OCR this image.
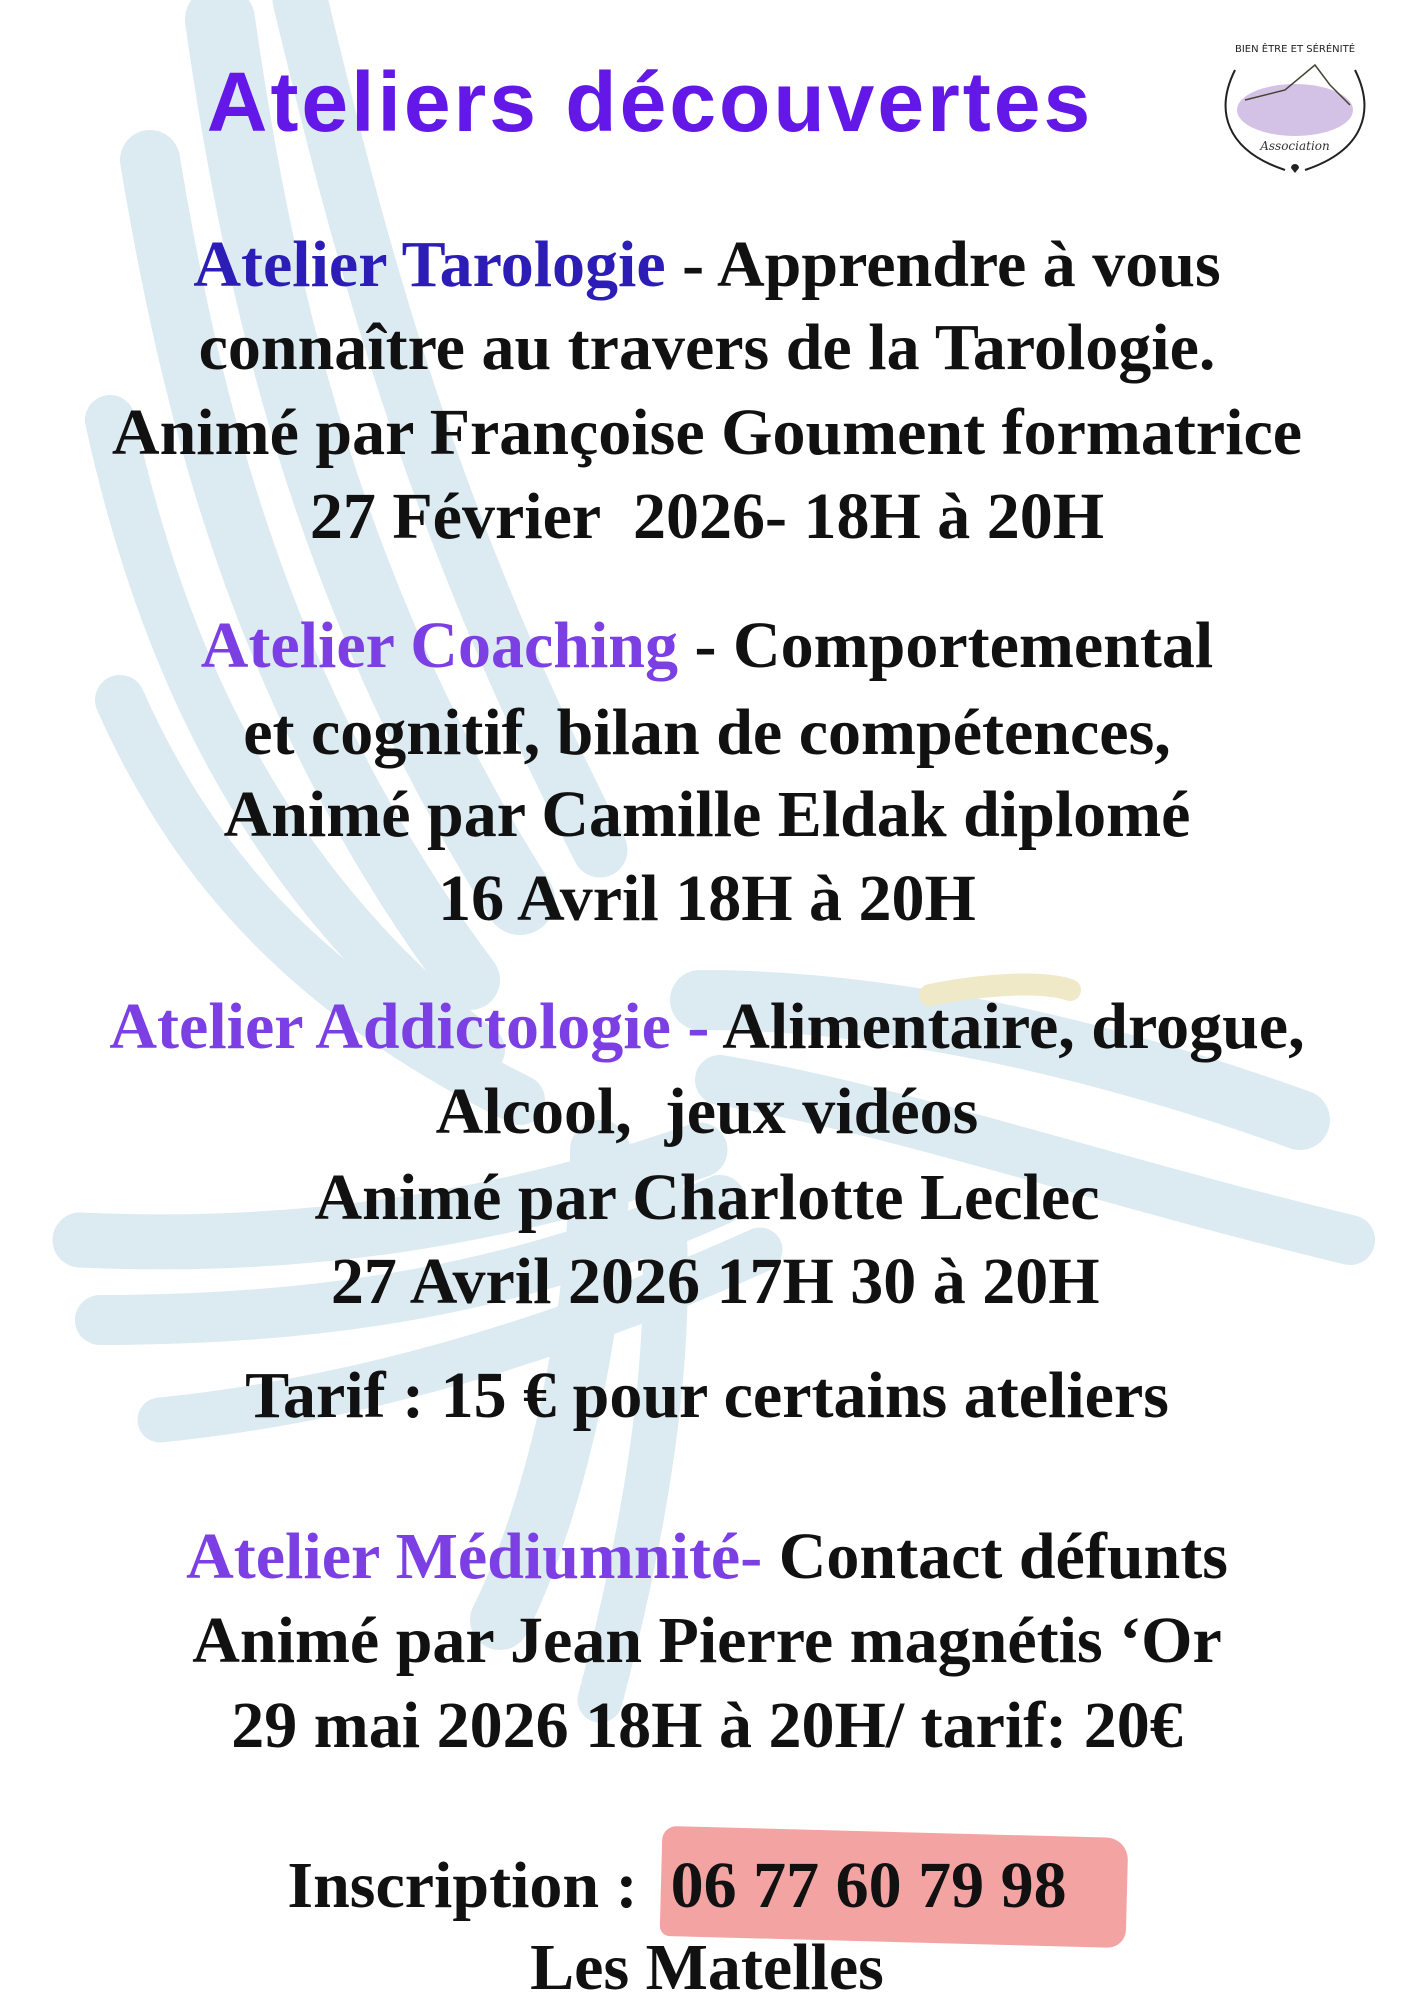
Ateliers découvertes
BIEN ÊTRE ET SÉRÉNITÉ
Association
Atelier Tarologie - Apprendre à vous
connaître au travers de la Tarologie.
Animé par Françoise Goument formatrice
27 Février  2026- 18H à 20H
Atelier Coaching - Comportemental
et cognitif, bilan de compétences,
Animé par Camille Eldak diplomé
16 Avril 18H à 20H
Atelier Addictologie - Alimentaire, drogue,
Alcool,  jeux vidéos
Animé par Charlotte Leclec
27 Avril 2026 17H 30 à 20H
Tarif : 15 € pour certains ateliers
Atelier Médiumnité- Contact défunts
Animé par Jean Pierre magnétis ‘Or
29 mai 2026 18H à 20H/ tarif: 20€
Inscription :  06 77 60 79 98
Les Matelles
